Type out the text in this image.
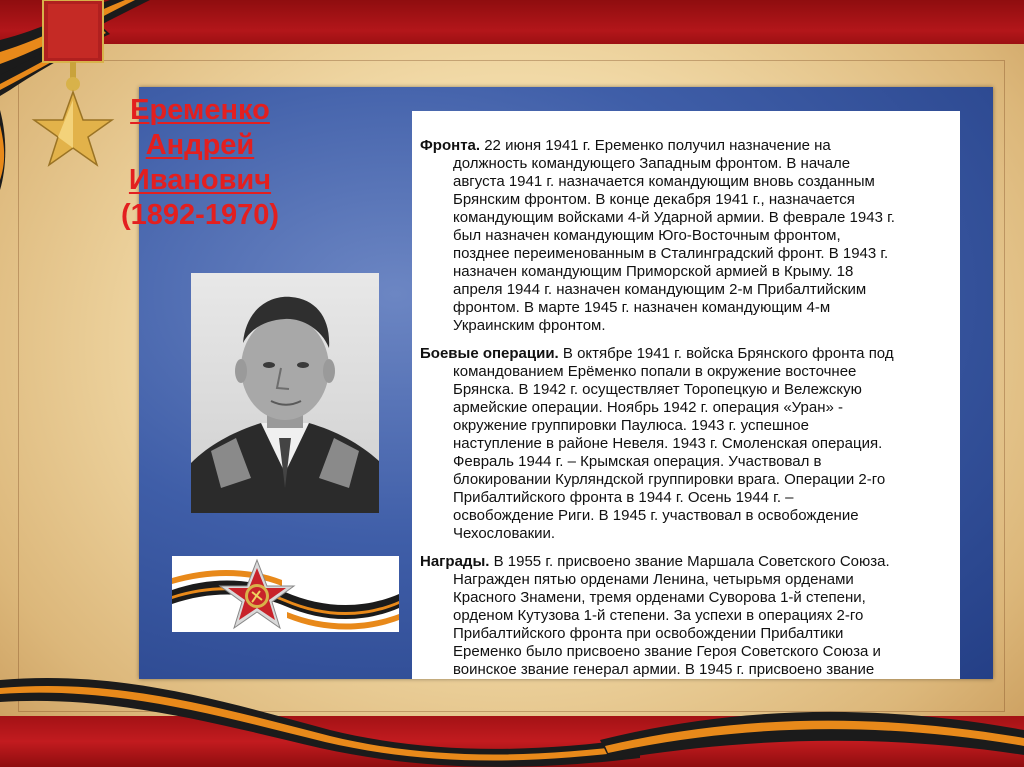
Еременко
Андрей
Иванович
(1892-1970)
Фронта. 22 июня 1941 г. Еременко получил назначение на
должность командующего Западным фронтом. В начале
августа 1941 г. назначается командующим вновь созданным
Брянским фронтом. В конце декабря 1941 г., назначается
командующим войсками 4-й Ударной армии. В феврале 1943 г.
был назначен командующим Юго-Восточным фронтом,
позднее переименованным в Сталинградский фронт. В 1943 г.
назначен командующим Приморской армией в Крыму. 18
апреля 1944 г. назначен командующим 2-м Прибалтийским
фронтом. В марте 1945 г. назначен командующим 4-м
Украинским фронтом.
Боевые операции. В октябре 1941 г. войска Брянского фронта под
командованием Ерёменко попали в окружение восточнее
Брянска. В 1942 г. осуществляет Торопецкую и Вележскую
армейские операции. Ноябрь 1942 г. операция «Уран» -
окружение группировки Паулюса. 1943 г. успешное
наступление в районе Невеля. 1943 г. Смоленская операция.
Февраль 1944 г. – Крымская операция. Участвовал в
блокировании Курляндской группировки врага. Операции 2-го
Прибалтийского фронта в 1944 г. Осень 1944 г. –
освобождение Риги. В 1945 г. участвовал в освобождение
Чехословакии.
Награды. В 1955 г. присвоено звание Маршала Советского Союза.
Награжден пятью орденами Ленина, четырьмя орденами
Красного Знамени, тремя орденами Суворова 1-й степени,
орденом Кутузова 1-й степени. За успехи в операциях 2-го
Прибалтийского фронта при освобождении Прибалтики
Еременко было присвоено звание Героя Советского Союза и
воинское звание генерал армии. В 1945 г. присвоено звание
